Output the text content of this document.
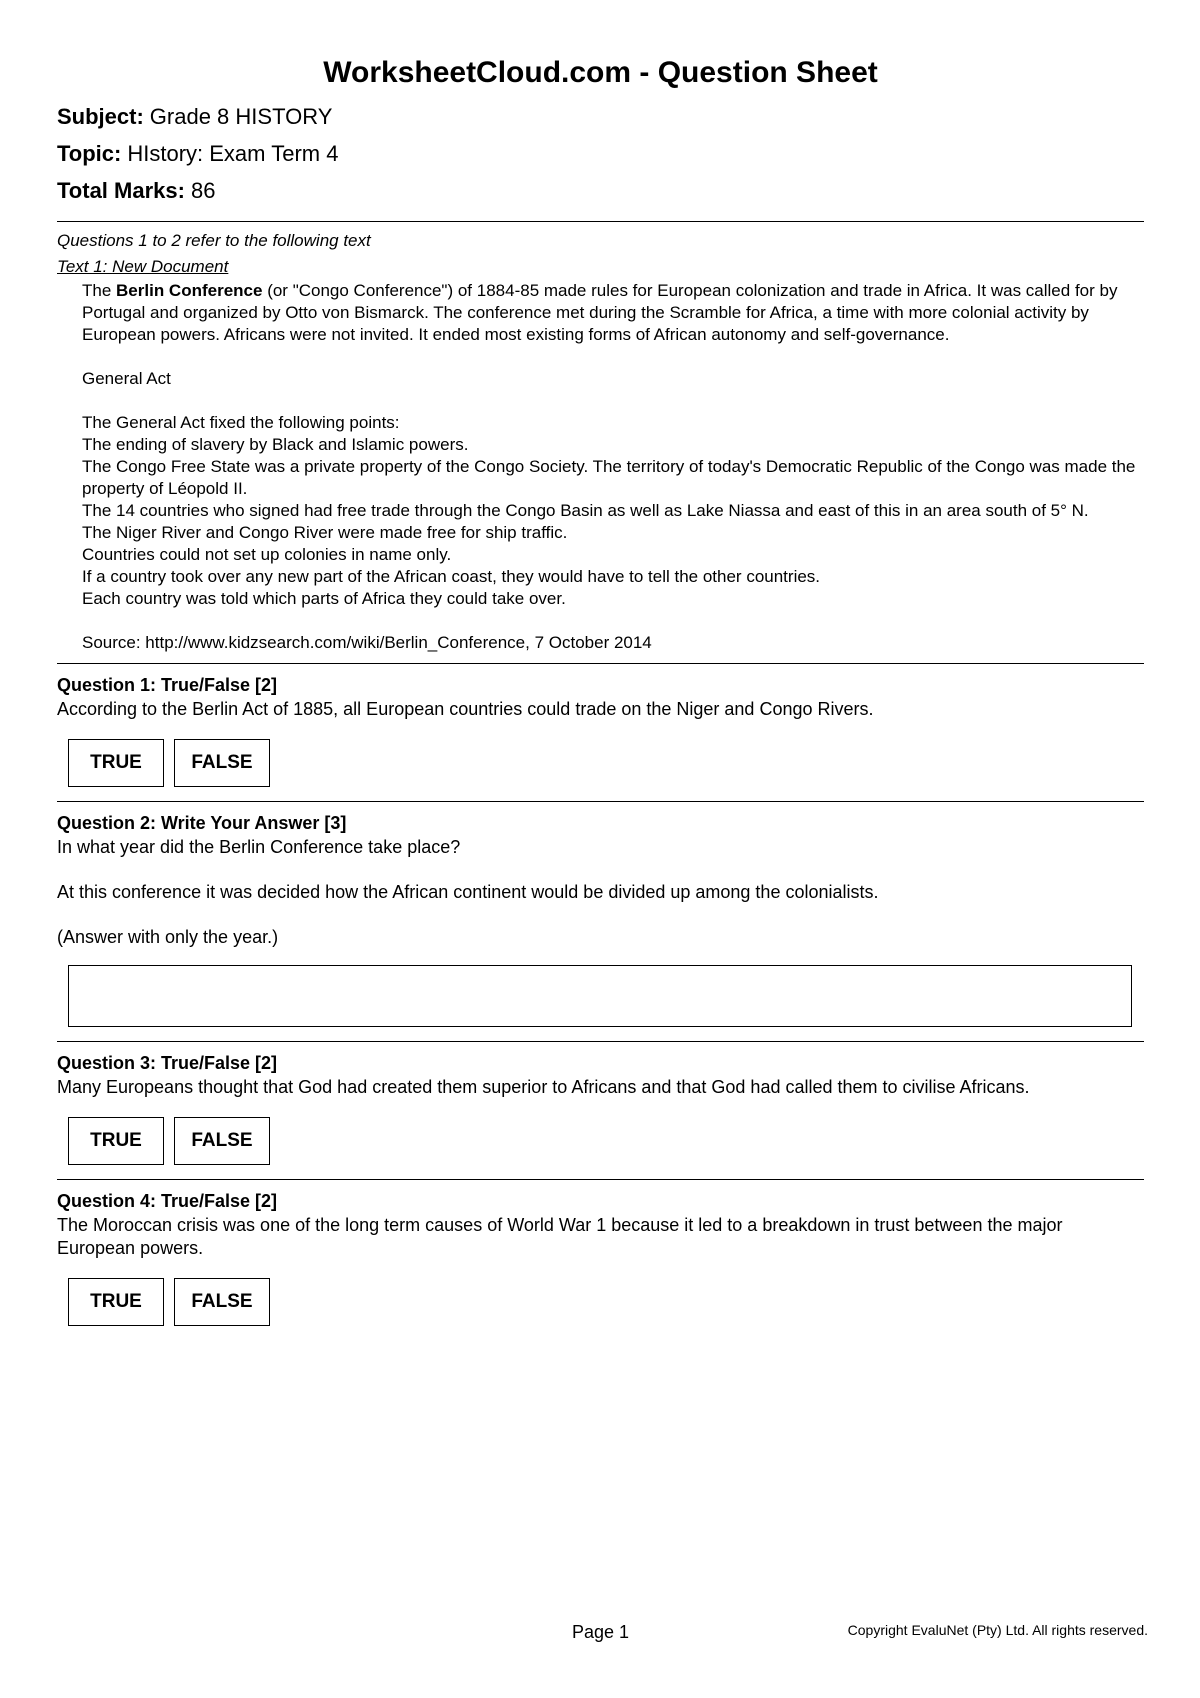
WorksheetCloud.com - Question Sheet
Subject: Grade 8 HISTORY
Topic: HIstory: Exam Term 4
Total Marks: 86
Questions 1 to 2 refer to the following text
Text 1: New Document

The Berlin Conference (or "Congo Conference") of 1884-85 made rules for European colonization and trade in Africa. It was called for by Portugal and organized by Otto von Bismarck. The conference met during the Scramble for Africa, a time with more colonial activity by European powers. Africans were not invited. It ended most existing forms of African autonomy and self-governance.

General Act

The General Act fixed the following points:

The ending of slavery by Black and Islamic powers.

The Congo Free State was a private property of the Congo Society. The territory of today's Democratic Republic of the Congo was made the property of Léopold II.

The 14 countries who signed had free trade through the Congo Basin as well as Lake Niassa and east of this in an area south of 5° N.

The Niger River and Congo River were made free for ship traffic.

Countries could not set up colonies in name only.

If a country took over any new part of the African coast, they would have to tell the other countries.

Each country was told which parts of Africa they could take over.

Source: http://www.kidzsearch.com/wiki/Berlin_Conference, 7 October 2014

Question 1: True/False [2]
According to the Berlin Act of 1885, all European countries could trade on the Niger and Congo Rivers.
TRUE	FALSE
Question 2: Write Your Answer [3]

In what year did the Berlin Conference take place?

At this conference it was decided how the African continent would be divided up among the colonialists.

(Answer with only the year.)

Question 3: True/False [2]
Many Europeans thought that God had created them superior to Africans and that God had called them to civilise Africans.
TRUE	FALSE
Question 4: True/False [2]
The Moroccan crisis was one of the long term causes of World War 1 because it led to a breakdown in trust between the major European powers.
TRUE	FALSE
Page 1	Copyright EvaluNet (Pty) Ltd. All rights reserved.
